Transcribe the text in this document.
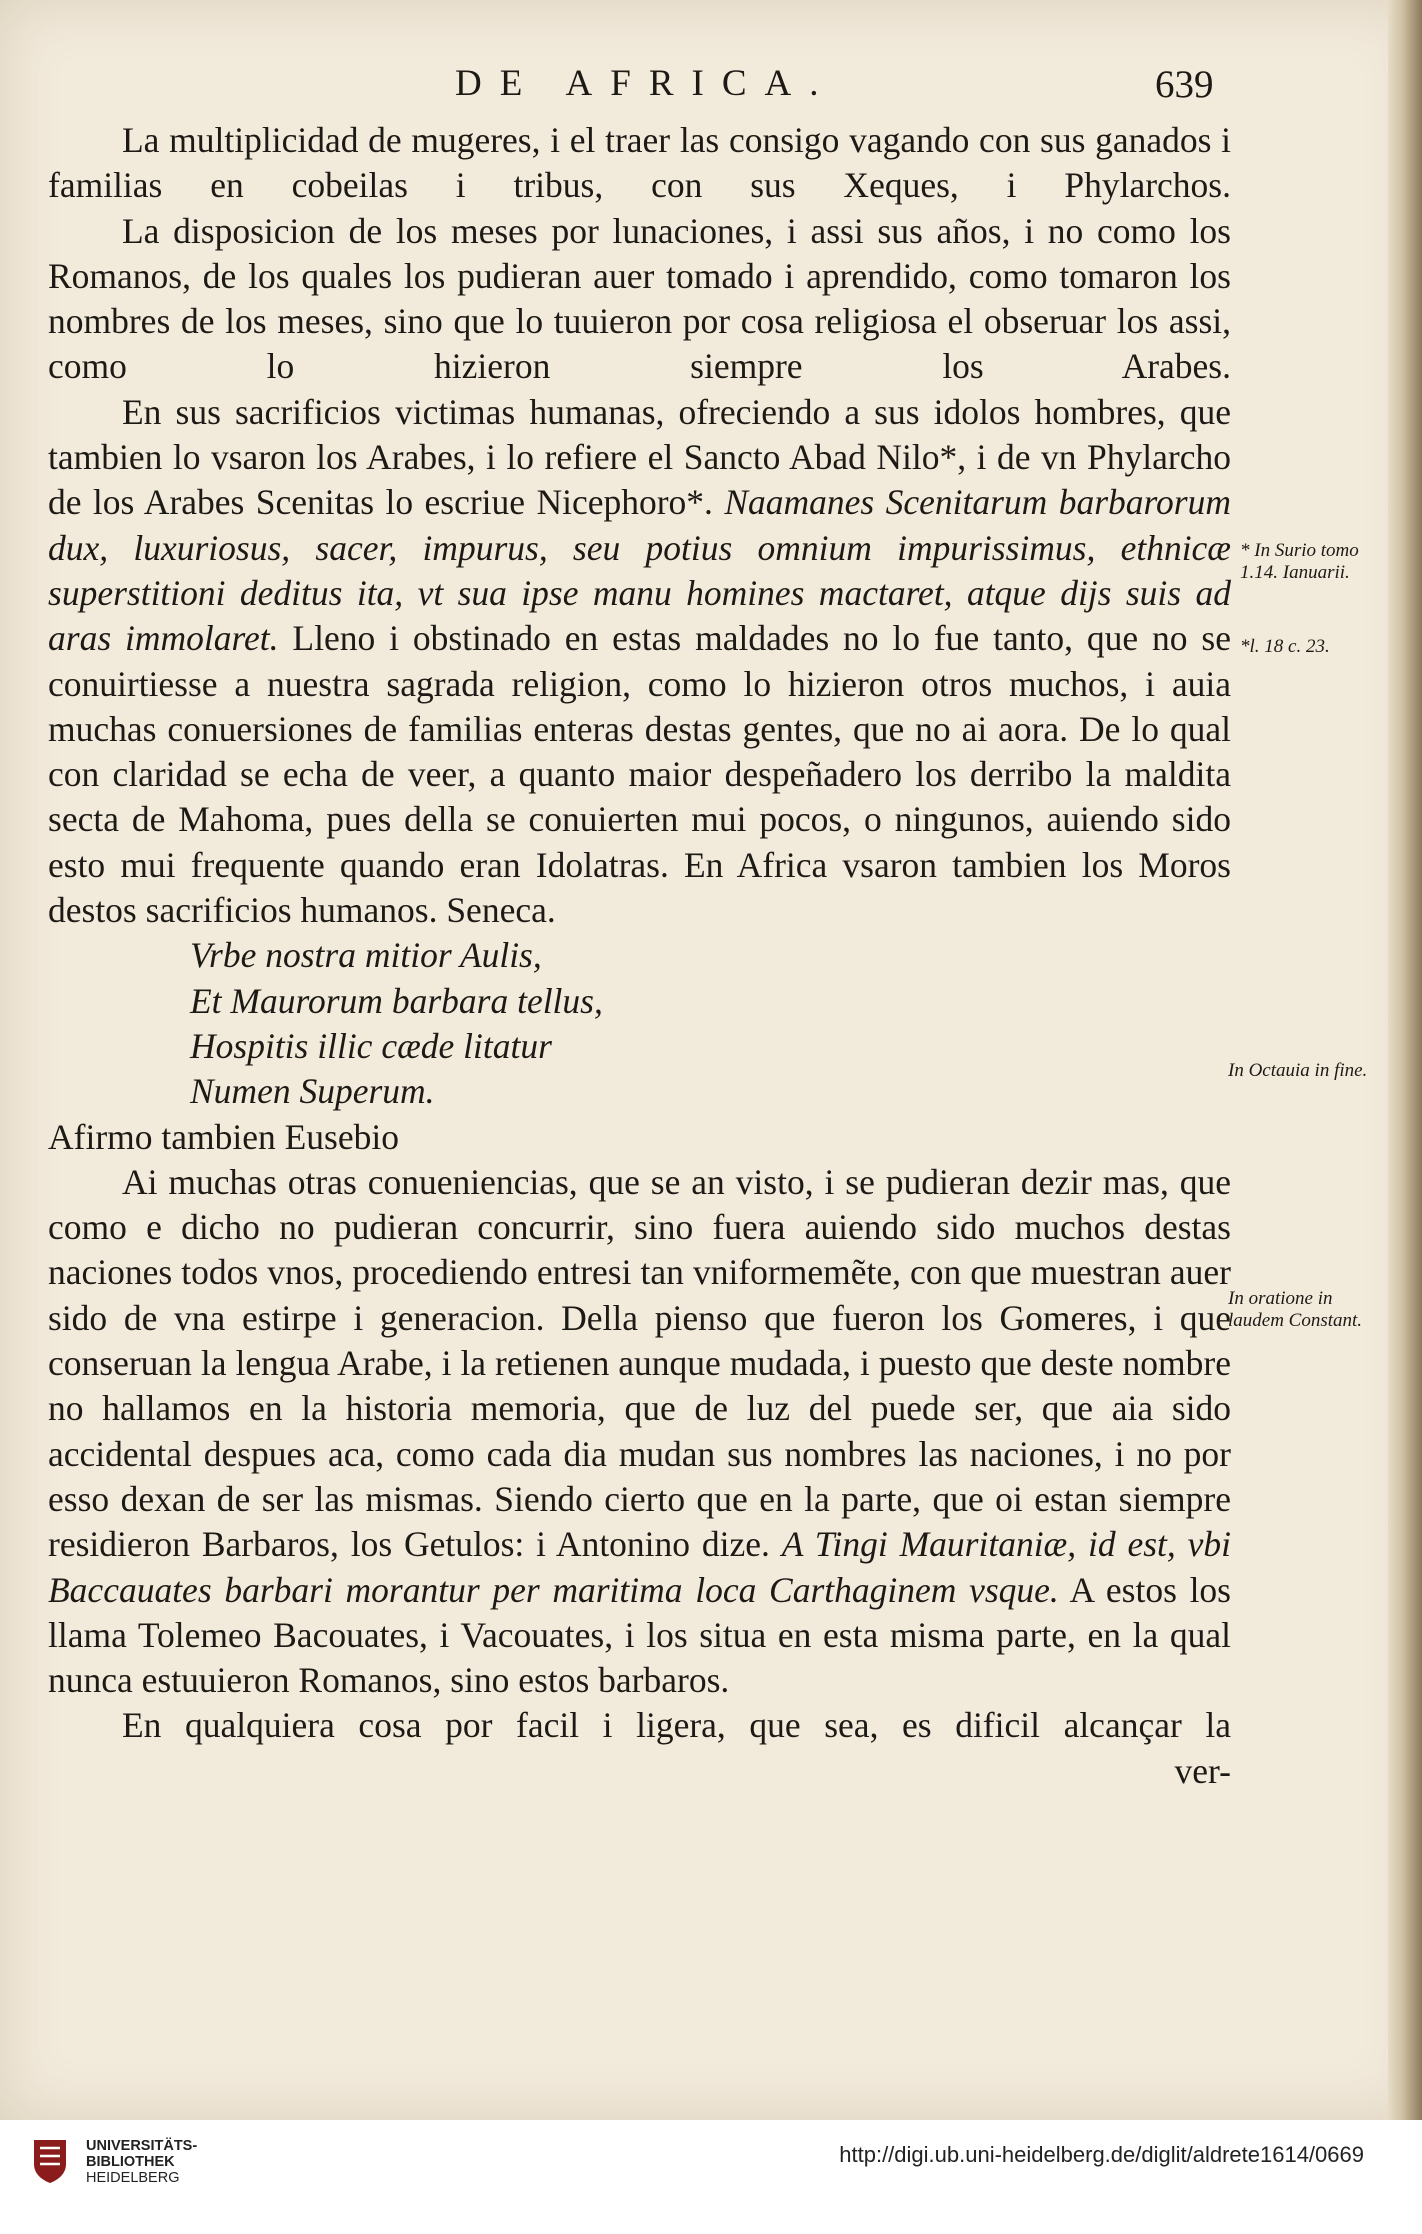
DE AFRICA.	639

La multiplicidad de mugeres, i el traer las consigo vagando con sus ganados i familias en cobeilas i tribus, con sus Xeques, i Phylarchos.

La disposicion de los meses por lunaciones, i assi sus años, i no como los Romanos, de los quales los pudieran auer tomado i aprendido, como tomaron los nombres de los meses, sino que lo tuuieron por cosa religiosa el obseruar los assi, como lo hizieron siempre los Arabes.

En sus sacrificios victimas humanas, ofreciendo a sus idolos hombres, que tambien lo vsaron los Arabes, i lo refiere el Sancto Abad Nilo*, i de vn Phylarcho de los Arabes Scenitas lo escriue Nicephoro*. Naamanes Scenitarum barbarorum dux, luxuriosus, sacer, impurus, seu potius omnium impurissimus, ethnicæ superstitioni deditus ita, vt sua ipse manu homines mactaret, atque dijs suis ad aras immolaret. Lleno i obstinado en estas maldades no lo fue tanto, que no se conuirtiesse a nuestra sagrada religion, como lo hizieron otros muchos, i auia muchas conuersiones de familias enteras destas gentes, que no ai aora. De lo qual con claridad se echa de veer, a quanto maior despeñadero los derribo la maldita secta de Mahoma, pues della se conuierten mui pocos, o ningunos, auiendo sido esto mui frequente quando eran Idolatras. En Africa vsaron tambien los Moros destos sacrificios humanos. Seneca.

Vrbe nostra mitior Aulis,

Et Maurorum barbara tellus,

Hospitis illic cæde litatur

Numen Superum.

Afirmo tambien Eusebio

Ai muchas otras conueniencias, que se an visto, i se pudieran dezir mas, que como e dicho no pudieran concurrir, sino fuera auiendo sido muchos destas naciones todos vnos, procediendo entresi tan vniformemẽte, con que muestran auer sido de vna estirpe i generacion. Della pienso que fueron los Gomeres, i que conseruan la lengua Arabe, i la retienen aunque mudada, i puesto que deste nombre no hallamos en la historia memoria, que de luz del puede ser, que aia sido accidental despues aca, como cada dia mudan sus nombres las naciones, i no por esso dexan de ser las mismas. Siendo cierto que en la parte, que oi estan siempre residieron Barbaros, los Getulos: i Antonino dize. A Tingi Mauritaniæ, id est, vbi Baccauates barbari morantur per maritima loca Carthaginem vsque. A estos los llama Tolemeo Bacouates, i Vacouates, i los situa en esta misma parte, en la qual nunca estuuieron Romanos, sino estos barbaros.

En qualquiera cosa por facil i ligera, que sea, es dificil alcançar la

ver-

* In Surio tomo 1.14. Ianuarii.
*l. 18 c. 23.
In Octauia in fine.
In oratione in laudem Constant.
UNIVERSITÄTS-
BIBLIOTHEK
HEIDELBERG
http://digi.ub.uni-heidelberg.de/diglit/aldrete1614/0669
